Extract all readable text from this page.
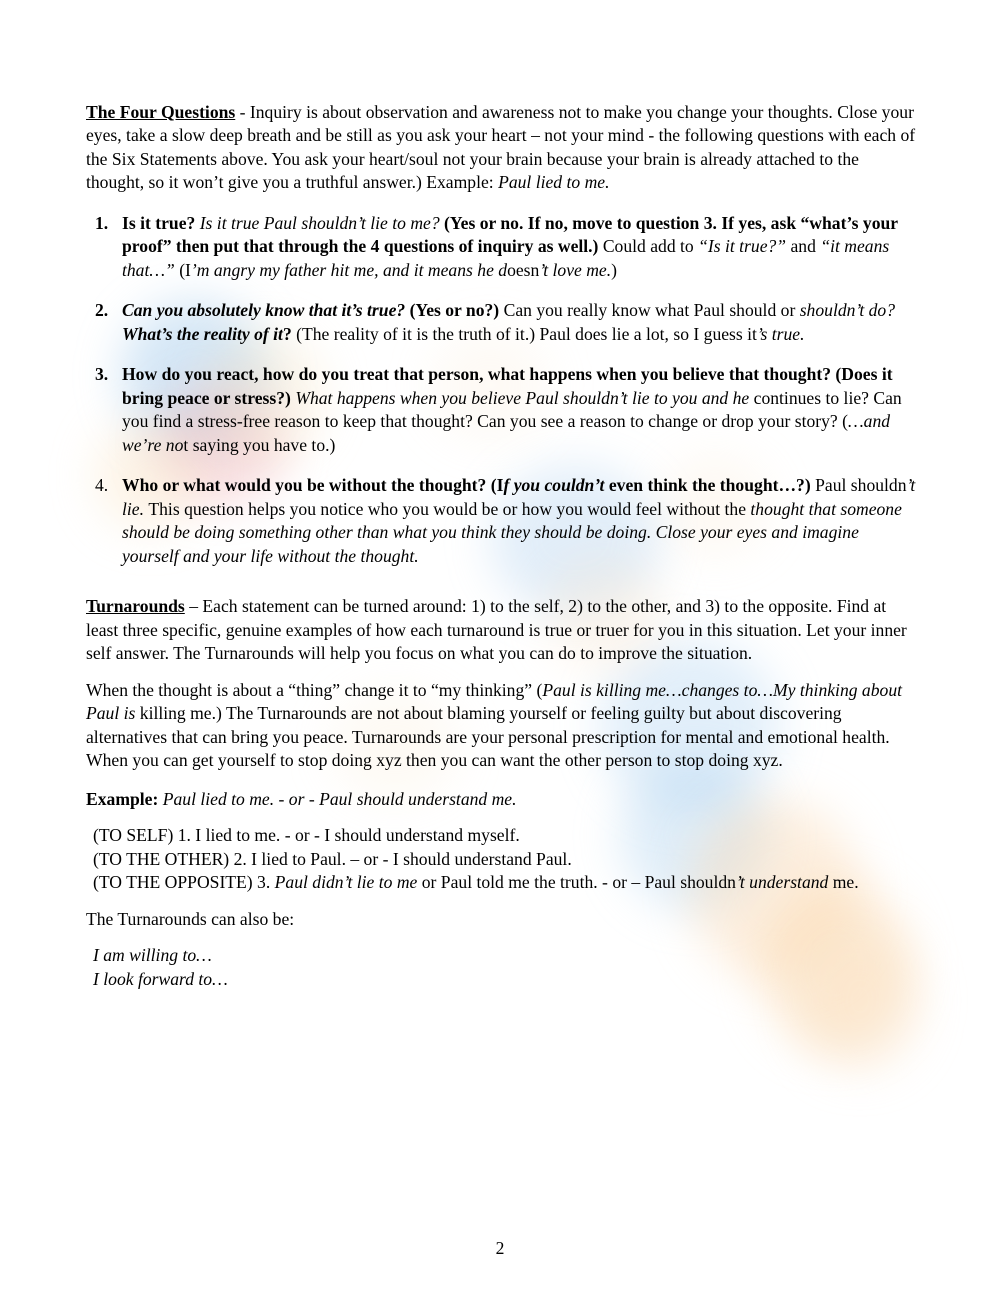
The Four Questions - Inquiry is about observation and awareness not to make you change your thoughts. Close your eyes, take a slow deep breath and be still as you ask your heart – not your mind - the following questions with each of the Six Statements above. You ask your heart/soul not your brain because your brain is already attached to the thought, so it won’t give you a truthful answer.) Example: Paul lied to me.

1. Is it true? Is it true Paul shouldn’t lie to me? (Yes or no. If no, move to question 3. If yes, ask “what’s your proof” then put that through the 4 questions of inquiry as well.) Could add to “Is it true?” and “it means that…” (I’m angry my father hit me, and it means he doesn’t love me.)
2. Can you absolutely know that it’s true? (Yes or no?) Can you really know what Paul should or shouldn’t do? What’s the reality of it? (The reality of it is the truth of it.) Paul does lie a lot, so I guess it’s true.
3. How do you react, how do you treat that person, what happens when you believe that thought? (Does it bring peace or stress?) What happens when you believe Paul shouldn’t lie to you and he continues to lie? Can you find a stress-free reason to keep that thought? Can you see a reason to change or drop your story? (…and we’re not saying you have to.)
4. Who or what would you be without the thought? (If you couldn’t even think the thought…?) Paul shouldn’t lie. This question helps you notice who you would be or how you would feel without the thought that someone should be doing something other than what you think they should be doing. Close your eyes and imagine yourself and your life without the thought.

Turnarounds – Each statement can be turned around: 1) to the self, 2) to the other, and 3) to the opposite. Find at least three specific, genuine examples of how each turnaround is true or truer for you in this situation. Let your inner self answer. The Turnarounds will help you focus on what you can do to improve the situation.

When the thought is about a “thing” change it to “my thinking” (Paul is killing me…changes to…My thinking about Paul is killing me.) The Turnarounds are not about blaming yourself or feeling guilty but about discovering alternatives that can bring you peace. Turnarounds are your personal prescription for mental and emotional health. When you can get yourself to stop doing xyz then you can want the other person to stop doing xyz.

Example: Paul lied to me. - or - Paul should understand me.

(TO SELF) 1. I lied to me. - or - I should understand myself.
(TO THE OTHER) 2. I lied to Paul. – or - I should understand Paul.
(TO THE OPPOSITE) 3. Paul didn’t lie to me or Paul told me the truth. - or – Paul shouldn’t understand me.

The Turnarounds can also be:

I am willing to…
I look forward to…
2
